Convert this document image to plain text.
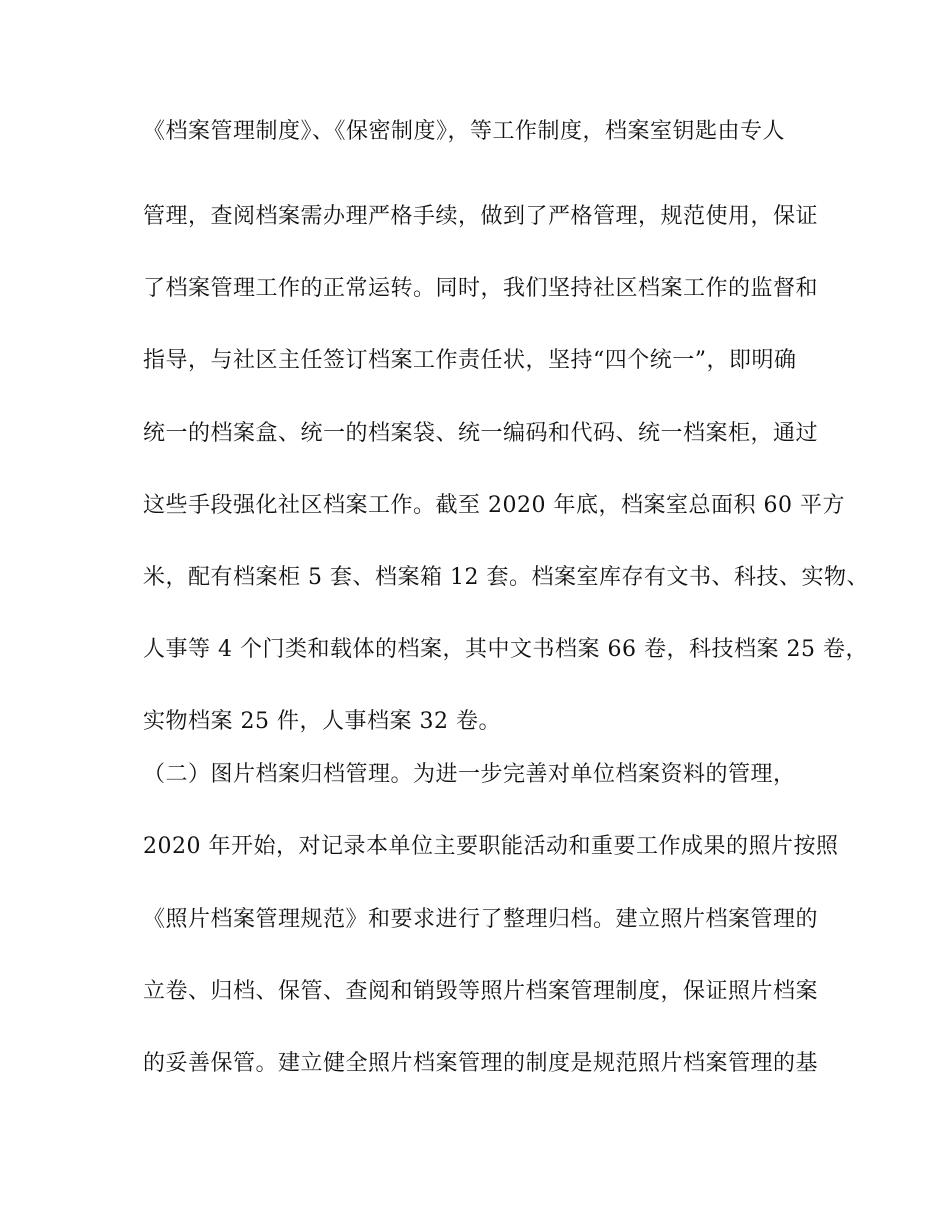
《档案管理制度》、《保密制度》，等工作制度，档案室钥匙由专人
管理，查阅档案需办理严格手续，做到了严格管理，规范使用，保证
了档案管理工作的正常运转。同时，我们坚持社区档案工作的监督和
指导，与社区主任签订档案工作责任状，坚持“四个统一”，即明确
统一的档案盒、统一的档案袋、统一编码和代码、统一档案柜，通过
这些手段强化社区档案工作。截至 2020 年底，档案室总面积 60 平方
米，配有档案柜 5 套、档案箱 12 套。档案室库存有文书、科技、实物、
人事等 4 个门类和载体的档案，其中文书档案 66 卷，科技档案 25 卷，
实物档案 25 件，人事档案 32 卷。
（二）图片档案归档管理。为进一步完善对单位档案资料的管理，
2020 年开始，对记录本单位主要职能活动和重要工作成果的照片按照
《照片档案管理规范》和要求进行了整理归档。建立照片档案管理的
立卷、归档、保管、查阅和销毁等照片档案管理制度，保证照片档案
的妥善保管。建立健全照片档案管理的制度是规范照片档案管理的基
